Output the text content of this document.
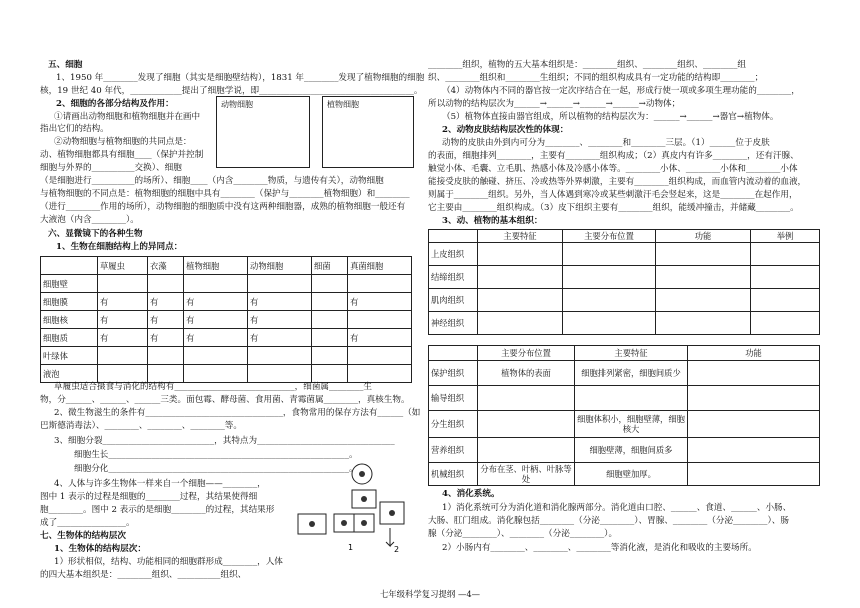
五、细胞
1、1950 年________发现了细胞（其实是细胞壁结构），1831 年________发现了植物细胞的细胞
核，19 世纪 40 年代，____________提出了细胞学说，即____________________________________。
2、细胞的各部分结构及作用：	动物细胞	植物细胞
①请画出动物细胞和植物细胞并在画中
指出它们的结构。
②动物细胞与植物细胞的共同点是：
动、植物细胞都具有细胞____（保护并控制
细胞与外界的__________交换）、细胞
（是细胞进行__________的场所）、细胞____（内含________物质，与遗传有关），动物细胞
与植物细胞的不同点是：植物细胞的细胞中具有________（保护与________植物细胞）和________
（进行________作用的场所），动物细胞的细胞质中没有这两种细胞器，成熟的植物细胞一般还有
大液泡（内含________）。
六、显微镜下的各种生物
1、生物在细胞结构上的异同点：
	草履虫	衣藻	植物细胞	动物细胞	细菌	真菌细胞
细胞壁						
细胞膜	有	有	有	有		有
细胞核	有	有	有	有		
细胞质	有	有	有	有		有
叶绿体						
液泡						
草履虫适合摄食与消化的结构有____________________________，细菌属________生
物，分______、______、______三类。面包霉、酵母菌、食用菌、青霉菌属________，真核生物。
2、微生物滋生的条件有________________________________，食物常用的保存方法有______（如
巴斯德消毒法）、________、________、________等。
3、细胞分裂__________________________，其特点为________________________________
细胞生长________________________________________________________。
细胞分化________________________________________________________。
4、人体与许多生物体一样来自一个细胞——________，
图中 1 表示的过程是细胞的________过程，其结果使得细
胞________。图中 2 表示的是细胞________的过程，其结果形
成了________________。
七、生物体的结构层次
1、生物体的结构层次：
1）形状相似，结构、功能相同的细胞群形成________，人体
的四大基本组织是：________组织、__________组织、
1	2
________组织，植物的五大基本组织是：________组织、________组织、________组
织、________组织和________生组织；不同的组织构成具有一定功能的结构即________；
（4）动物体内不同的器官按一定次序结合在一起，形成行使一项或多项生理功能的________，
所以动物的结构层次为______→______→______→______→动物体；
（5）植物体直接由器官组成，所以植物的结构层次为：______→______→器官→植物体。
2、动物皮肤结构层次性的体现：
动物的皮肤由外到内可分为________、________和________三层。（1）______位于皮肤
的表面，细胞排列________，主要有________组织构成；（2）真皮内有许多________，还有汗腺、
触觉小体、毛囊、立毛肌、热感小体及冷感小体等。________小体、________小体和________小体
能接受皮肤的触碰、挤压、冷或热等外界刺激，主要有________组织构成，而血管内流动着的血液，
则属于________组织。另外，当人体遇到寒冷或某些刺激汗毛会竖起来，这是________在起作用，
它主要由________组织构成。（3）皮下组织主要有________组织，能缓冲撞击，并储藏________。
3、动、植物的基本组织：
	主要特征	主要分布位置	功能	举例
上皮组织				
结缔组织				
肌肉组织				
神经组织				
	主要分布位置	主要特征	功能
保护组织	植物体的表面	细胞排列紧密，细胞间质少	
输导组织			
分生组织		细胞体积小，细胞壁薄，细胞核大	
营养组织		细胞壁薄，细胞间质多	
机械组织	分布在茎、叶柄、叶脉等处	细胞壁加厚。	
4、消化系统。
1）消化系统可分为消化道和消化腺两部分。消化道由口腔、______、食道、______、小肠、
大肠、肛门组成。消化腺包括________（分泌________）、胃腺、________（分泌________）、肠
腺（分泌________）、________（分泌________）。
2）小肠内有________、________、________等消化液，是消化和吸收的主要场所。
七年级科学复习提纲 —4—
